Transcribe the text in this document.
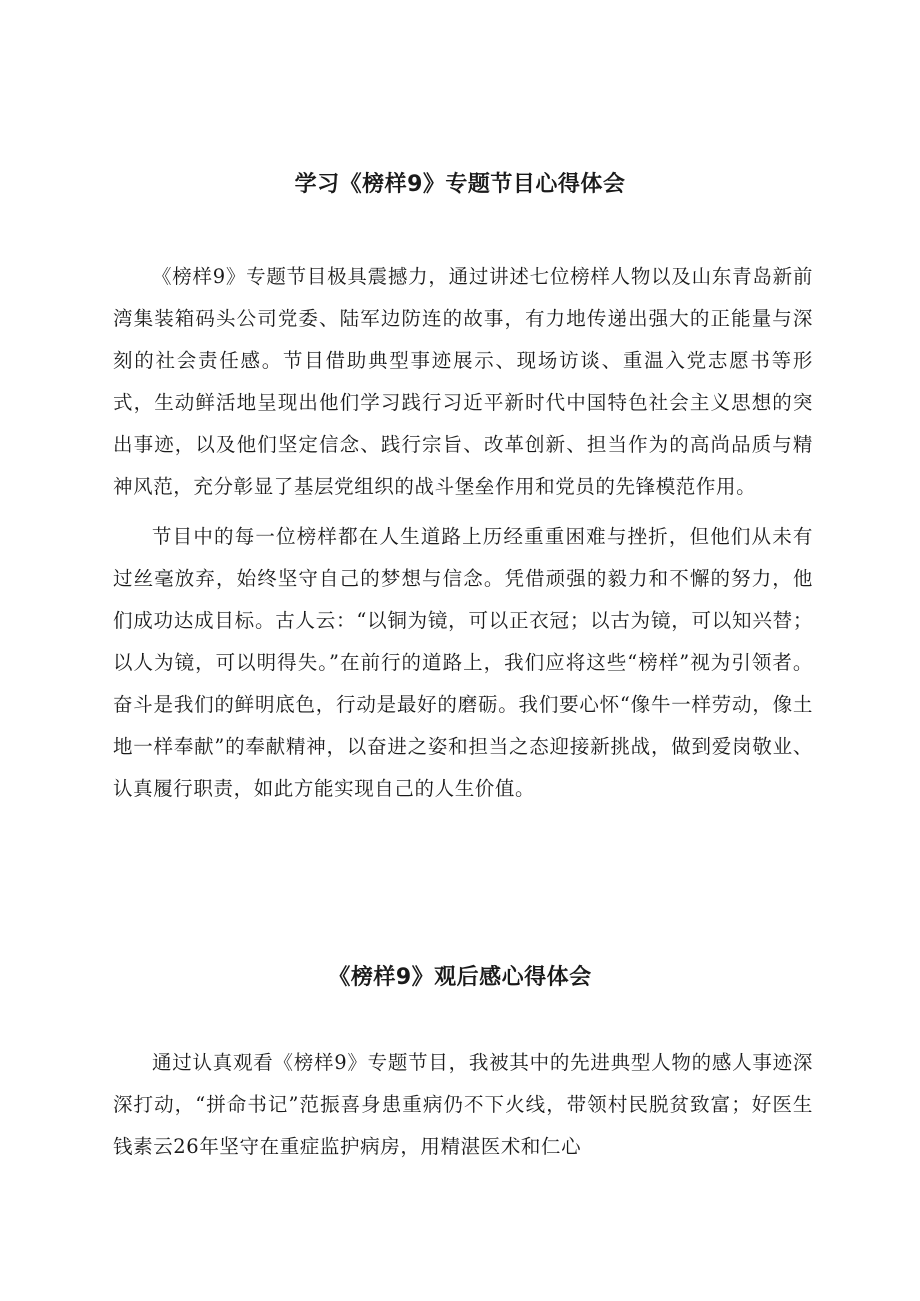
学习《榜样9》专题节目心得体会

《榜样9》专题节目极具震撼力，通过讲述七位榜样人物以及山东青岛新前湾集装箱码头公司党委、陆军边防连的故事，有力地传递出强大的正能量与深刻的社会责任感。节目借助典型事迹展示、现场访谈、重温入党志愿书等形式，生动鲜活地呈现出他们学习践行习近平新时代中国特色社会主义思想的突出事迹，以及他们坚定信念、践行宗旨、改革创新、担当作为的高尚品质与精神风范，充分彰显了基层党组织的战斗堡垒作用和党员的先锋模范作用。

节目中的每一位榜样都在人生道路上历经重重困难与挫折，但他们从未有过丝毫放弃，始终坚守自己的梦想与信念。凭借顽强的毅力和不懈的努力，他们成功达成目标。古人云：“以铜为镜，可以正衣冠；以古为镜，可以知兴替；以人为镜，可以明得失。”在前行的道路上，我们应将这些“榜样”视为引领者。奋斗是我们的鲜明底色，行动是最好的磨砺。我们要心怀“像牛一样劳动，像土地一样奉献”的奉献精神，以奋进之姿和担当之态迎接新挑战，做到爱岗敬业、认真履行职责，如此方能实现自己的人生价值。

《榜样9》观后感心得体会

通过认真观看《榜样9》专题节目，我被其中的先进典型人物的感人事迹深深打动，“拼命书记”范振喜身患重病仍不下火线，带领村民脱贫致富；好医生钱素云26年坚守在重症监护病房，用精湛医术和仁心
